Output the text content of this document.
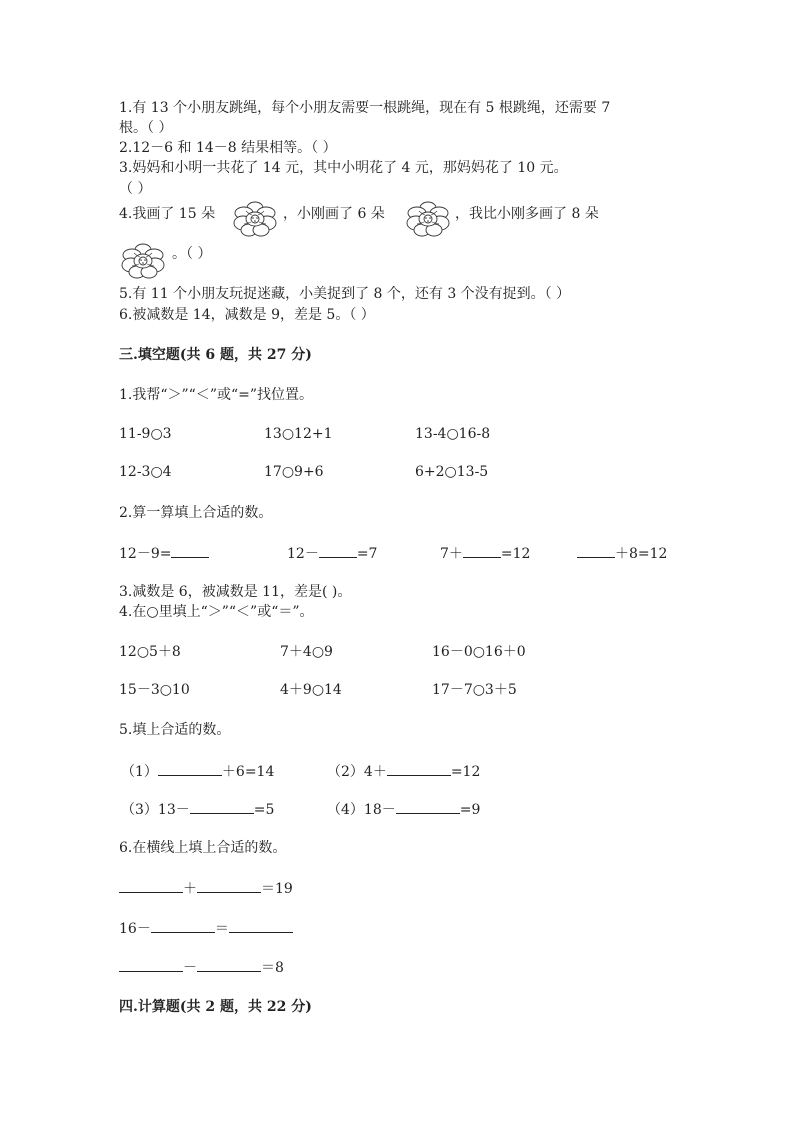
1.有 13 个小朋友跳绳，每个小朋友需要一根跳绳，现在有 5 根跳绳，还需要 7
根。（ ）
2.12－6 和 14－8 结果相等。（ ）
3.妈妈和小明一共花了 14 元，其中小明花了 4 元，那妈妈花了 10 元。
（ ）
4.我画了 15 朵	，小刚画了 6 朵	，我比小刚多画了 8 朵
。（ ）
5.有 11 个小朋友玩捉迷藏，小美捉到了 8 个，还有 3 个没有捉到。（ ）
6.被减数是 14，减数是 9，差是 5。（ ）
三.填空题(共 6 题，共 27 分)
1.我帮“＞”“＜”或“=”找位置。
11-9○3	13○12+1	13-4○16-8
12-3○4	17○9+6	6+2○13-5
2.算一算填上合适的数。
12－9=	12－	=7	7＋	=12	＋8=12
3.减数是 6，被减数是 11，差是( )。
4.在○里填上“＞”“＜”或“＝”。
12○5＋8	7＋4○9	16－0○16＋0
15－3○10	4＋9○14	17－7○3＋5
5.填上合适的数。
（1）	＋6=14	（2）4＋	=12
（3）13－	=5	（4）18－	=9
6.在横线上填上合适的数。
＋	＝19
16－	＝
－	＝8
四.计算题(共 2 题，共 22 分)
